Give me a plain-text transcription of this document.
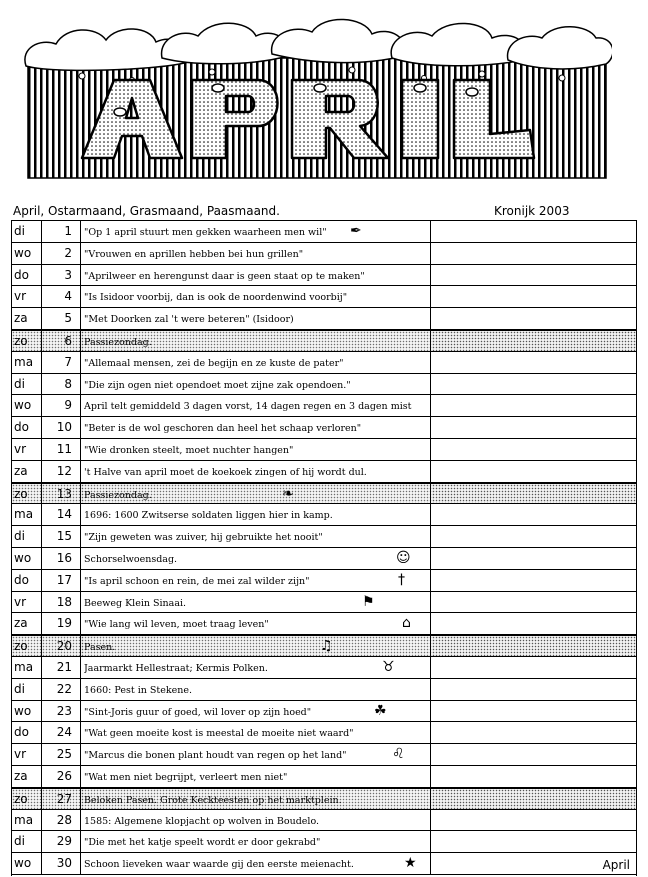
APRIL
April, Ostarmaand, Grasmaand, Paasmaand.	Kronijk 2003
di	1	"Op 1 april stuurt men gekken waarheen men wil"	✒
wo	2	"Vrouwen en aprillen hebben bei hun grillen"
do	3	"Aprilweer en herengunst daar is geen staat op te maken"
vr	4	"Is Isidoor voorbij, dan is ook de noordenwind voorbij"
za	5	"Met Doorken zal 't were beteren" (Isidoor)
zo	6	Passiezondag.
ma	7	"Allemaal mensen, zei de begijn en ze kuste de pater"
di	8	"Die zijn ogen niet opendoet moet zijne zak opendoen."
wo	9	April telt gemiddeld 3 dagen vorst, 14 dagen regen en 3 dagen mist
do	10	"Beter is de wol geschoren dan heel het schaap verloren"
vr	11	"Wie dronken steelt, moet nuchter hangen"
za	12	't Halve van april moet de koekoek zingen of hij wordt dul.
zo	13	Passiezondag.	❧
ma	14	1696: 1600 Zwitserse soldaten liggen hier in kamp.
di	15	"Zijn geweten was zuiver, hij gebruikte het nooit"
wo	16	Schorselwoensdag.	☺
do	17	"Is april schoon en rein, de mei zal wilder zijn"	†
vr	18	Beeweg Klein Sinaai.	⚑
za	19	"Wie lang wil leven, moet traag leven"	⌂
zo	20	Pasen.	♫
ma	21	Jaarmarkt Hellestraat; Kermis Polken.	♉
di	22	1660: Pest in Stekene.
wo	23	"Sint-Joris guur of goed, wil lover op zijn hoed"	☘
do	24	"Wat geen moeite kost is meestal de moeite niet waard"
vr	25	"Marcus die bonen plant houdt van regen op het land"	♌
za	26	"Wat men niet begrijpt, verleert men niet"
zo	27	Beloken Pasen. Grote Keckteesten op het marktplein.
ma	28	1585: Algemene klopjacht op wolven in Boudelo.
di	29	"Die met het katje speelt wordt er door gekrabd"
wo	30	Schoon lieveken waar waarde gij den eerste meienacht.	★	April
